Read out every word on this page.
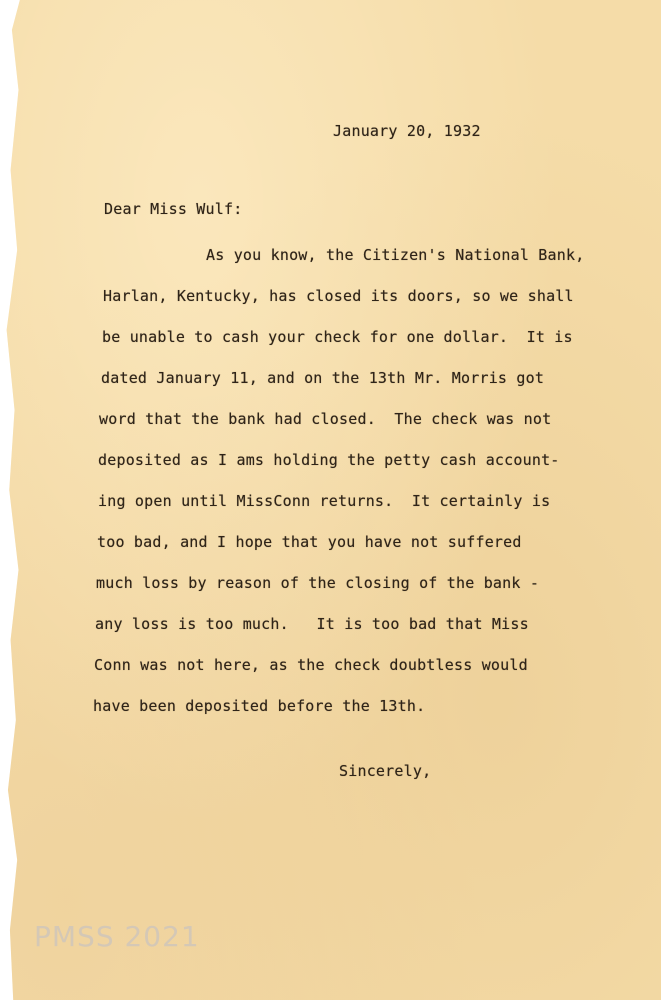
January 20, 1932
Dear Miss Wulf:
As you know, the Citizen's National Bank,
Harlan, Kentucky, has closed its doors, so we shall
be unable to cash your check for one dollar.  It is
dated January 11, and on the 13th Mr. Morris got
word that the bank had closed.  The check was not
deposited as I ams holding the petty cash account-
ing open until MissConn returns.  It certainly is
too bad, and I hope that you have not suffered
much loss by reason of the closing of the bank -
any loss is too much.   It is too bad that Miss
Conn was not here, as the check doubtless would
have been deposited before the 13th.
Sincerely,
PMSS 2021
